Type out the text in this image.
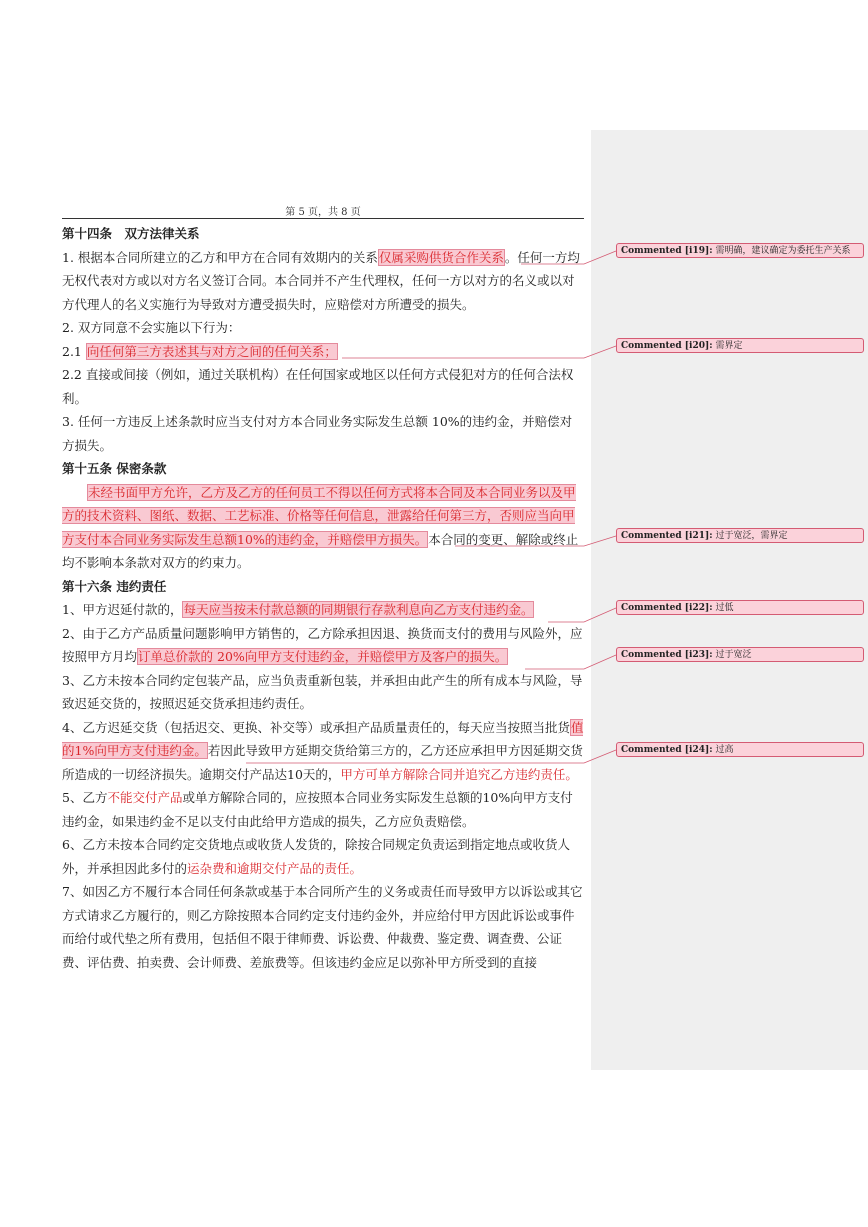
第 5 页，共 8 页

第十四条　双方法律关系

1. 根据本合同所建立的乙方和甲方在合同有效期内的关系仅属采购供货合作关系。任何一方均无权代表对方或以对方名义签订合同。本合同并不产生代理权，任何一方以对方的名义或以对方代理人的名义实施行为导致对方遭受损失时，应赔偿对方所遭受的损失。

2. 双方同意不会实施以下行为：

2.1 向任何第三方表述其与对方之间的任何关系；

2.2 直接或间接（例如，通过关联机构）在任何国家或地区以任何方式侵犯对方的任何合法权利。

3. 任何一方违反上述条款时应当支付对方本合同业务实际发生总额 10%的违约金，并赔偿对方损失。

第十五条 保密条款

未经书面甲方允许，乙方及乙方的任何员工不得以任何方式将本合同及本合同业务以及甲方的技术资料、图纸、数据、工艺标准、价格等任何信息，泄露给任何第三方，否则应当向甲方支付本合同业务实际发生总额10%的违约金，并赔偿甲方损失。本合同的变更、解除或终止均不影响本条款对双方的约束力。

第十六条 违约责任

1、甲方迟延付款的，每天应当按未付款总额的同期银行存款利息向乙方支付违约金。

2、由于乙方产品质量问题影响甲方销售的，乙方除承担因退、换货而支付的费用与风险外，应按照甲方月均订单总价款的 20%向甲方支付违约金，并赔偿甲方及客户的损失。

3、乙方未按本合同约定包装产品，应当负责重新包装，并承担由此产生的所有成本与风险，导致迟延交货的，按照迟延交货承担违约责任。

4、乙方迟延交货（包括迟交、更换、补交等）或承担产品质量责任的，每天应当按照当批货值的1%向甲方支付违约金。若因此导致甲方延期交货给第三方的，乙方还应承担甲方因延期交货所造成的一切经济损失。逾期交付产品达10天的，甲方可单方解除合同并追究乙方违约责任。

5、乙方不能交付产品或单方解除合同的，应按照本合同业务实际发生总额的10%向甲方支付违约金，如果违约金不足以支付由此给甲方造成的损失，乙方应负责赔偿。

6、乙方未按本合同约定交货地点或收货人发货的，除按合同规定负责运到指定地点或收货人外，并承担因此多付的运杂费和逾期交付产品的责任。

7、如因乙方不履行本合同任何条款或基于本合同所产生的义务或责任而导致甲方以诉讼或其它方式请求乙方履行的，则乙方除按照本合同约定支付违约金外，并应给付甲方因此诉讼或事件而给付或代垫之所有费用，包括但不限于律师费、诉讼费、仲裁费、鉴定费、调查费、公证费、评估费、拍卖费、会计师费、差旅费等。但该违约金应足以弥补甲方所受到的直接

Commented [i19]: 需明确，建议确定为委托生产关系
Commented [i20]: 需界定
Commented [i21]: 过于宽泛，需界定
Commented [i22]: 过低
Commented [i23]: 过于宽泛
Commented [i24]: 过高
